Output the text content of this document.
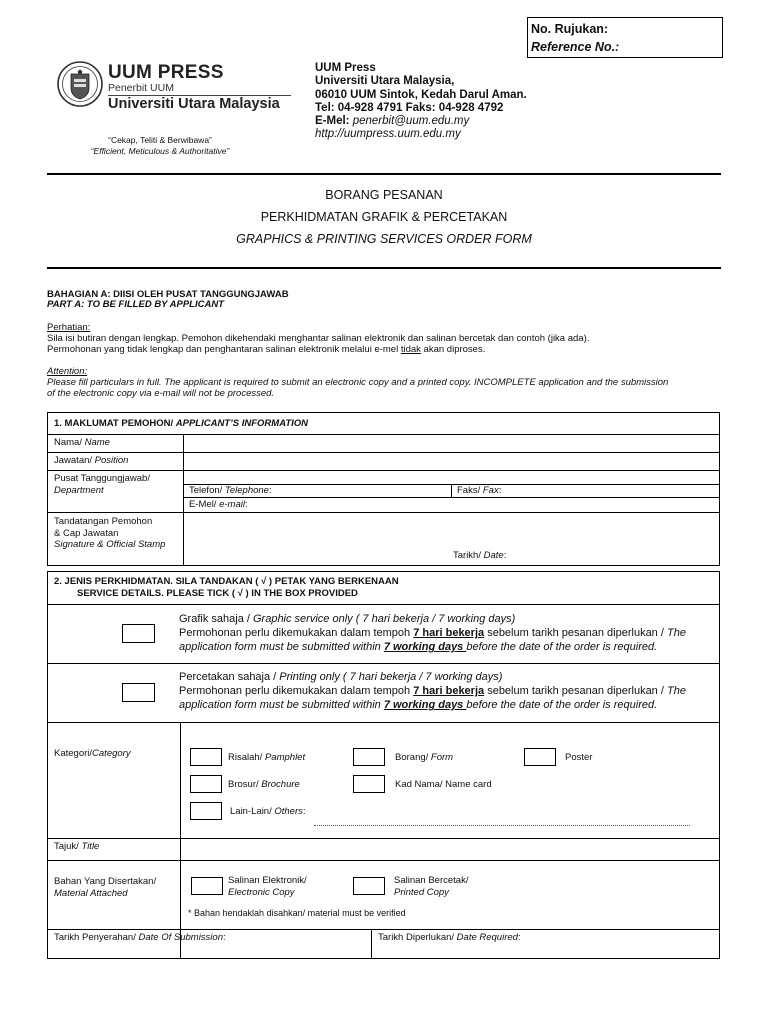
No. Rujukan:
Reference No.:
UUM PRESS
Penerbit UUM
Universiti Utara Malaysia
“Cekap, Teliti & Berwibawa”
“Efficient, Meticulous & Authoritative”
UUM Press
Universiti Utara Malaysia,
06010 UUM Sintok, Kedah Darul Aman.
Tel: 04-928 4791 Faks: 04-928 4792
E-Mel: penerbit@uum.edu.my
http://uumpress.uum.edu.my
BORANG PESANAN
PERKHIDMATAN GRAFIK & PERCETAKAN
GRAPHICS & PRINTING SERVICES ORDER FORM
BAHAGIAN A: DIISI OLEH PUSAT TANGGUNGJAWAB
PART A: TO BE FILLED BY APPLICANT
Perhatian:
Sila isi butiran dengan lengkap. Pemohon dikehendaki menghantar salinan elektronik dan salinan bercetak dan contoh (jika ada).
Permohonan yang tidak lengkap dan penghantaran salinan elektronik melalui e-mel tidak akan diproses.
Attention:
Please fill particulars in full. The applicant is required to submit an electronic copy and a printed copy. INCOMPLETE application and the submission
of the electronic copy via e-mail will not be processed.
1. MAKLUMAT PEMOHON/ APPLICANT’S INFORMATION
Nama/ Name
Jawatan/ Position
Pusat Tanggungjawab/
Department	Telefon/ Telephone:	Faks/ Fax:
E-Mel/ e-mail:
Tandatangan Pemohon
& Cap Jawatan
Signature & Official Stamp
Tarikh/ Date:
2. JENIS PERKHIDMATAN. SILA TANDAKAN ( √ ) PETAK YANG BERKENAAN
SERVICE DETAILS. PLEASE TICK ( √ ) IN THE BOX PROVIDED
Grafik sahaja / Graphic service only ( 7 hari bekerja / 7 working days)
Permohonan perlu dikemukakan dalam tempoh 7 hari bekerja sebelum tarikh pesanan diperlukan / The
application form must be submitted within 7 working days before the date of the order is required.
Percetakan sahaja / Printing only ( 7 hari bekerja / 7 working days)
Permohonan perlu dikemukakan dalam tempoh 7 hari bekerja sebelum tarikh pesanan diperlukan / The
application form must be submitted within 7 working days before the date of the order is required.
Kategori/Category	Risalah/ Pamphlet	Borang/ Form	Poster
Brosur/ Brochure	Kad Nama/ Name card
Lain-Lain/ Others:
Tajuk/ Title
Bahan Yang Disertakan/
Material Attached
Salinan Elektronik/
Electronic Copy
Salinan Bercetak/
Printed Copy
* Bahan hendaklah disahkan/ material must be verified
Tarikh Penyerahan/ Date Of Submission:	Tarikh Diperlukan/ Date Required:
